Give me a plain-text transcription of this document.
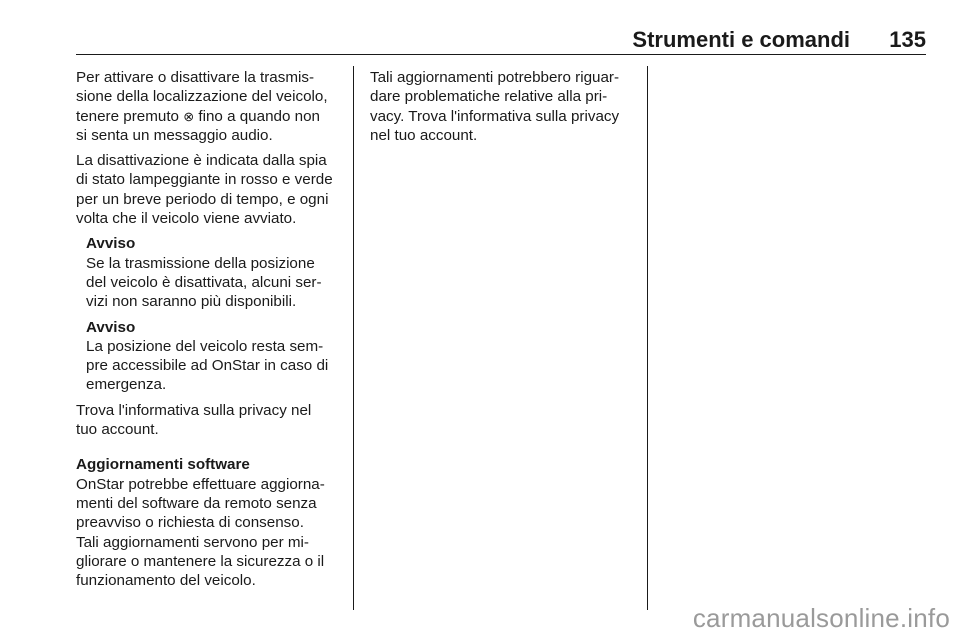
Strumenti e comandi	135

Per attivare o disattivare la trasmis-
sione della localizzazione del veicolo,
tenere premuto ⊗ fino a quando non
si senta un messaggio audio.

La disattivazione è indicata dalla spia
di stato lampeggiante in rosso e verde
per un breve periodo di tempo, e ogni
volta che il veicolo viene avviato.

Avviso
Se la trasmissione della posizione
del veicolo è disattivata, alcuni ser-
vizi non saranno più disponibili.
Avviso
La posizione del veicolo resta sem-
pre accessibile ad OnStar in caso di
emergenza.

Trova l'informativa sulla privacy nel
tuo account.

Aggiornamenti software

OnStar potrebbe effettuare aggiorna-
menti del software da remoto senza
preavviso o richiesta di consenso.
Tali aggiornamenti servono per mi-
gliorare o mantenere la sicurezza o il
funzionamento del veicolo.

Tali aggiornamenti potrebbero riguar-
dare problematiche relative alla pri-
vacy. Trova l'informativa sulla privacy
nel tuo account.

carmanualsonline.info
